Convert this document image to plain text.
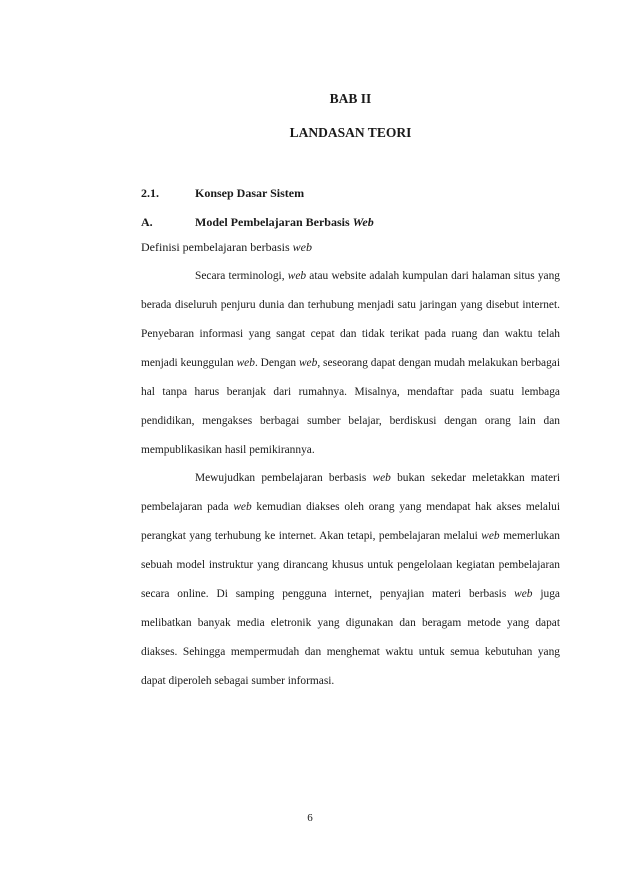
BAB II
LANDASAN TEORI
2.1.	Konsep Dasar Sistem
A.	Model Pembelajaran Berbasis Web

Definisi pembelajaran berbasis web

Secara terminologi, web atau website adalah kumpulan dari halaman situs yang berada diseluruh penjuru dunia dan terhubung menjadi satu jaringan yang disebut internet. Penyebaran informasi yang sangat cepat dan tidak terikat pada ruang dan waktu telah menjadi keunggulan web. Dengan web, seseorang dapat dengan mudah melakukan berbagai hal tanpa harus beranjak dari rumahnya. Misalnya, mendaftar pada suatu lembaga pendidikan, mengakses berbagai sumber belajar, berdiskusi dengan orang lain dan mempublikasikan hasil pemikirannya.

Mewujudkan pembelajaran berbasis web bukan sekedar meletakkan materi pembelajaran pada web kemudian diakses oleh orang yang mendapat hak akses melalui perangkat yang terhubung ke internet. Akan tetapi, pembelajaran melalui web memerlukan sebuah model instruktur yang dirancang khusus untuk pengelolaan kegiatan pembelajaran secara online. Di samping pengguna internet, penyajian materi berbasis web juga melibatkan banyak media eletronik yang digunakan dan beragam metode yang dapat diakses. Sehingga mempermudah dan menghemat waktu untuk semua kebutuhan yang dapat diperoleh sebagai sumber informasi.

6
